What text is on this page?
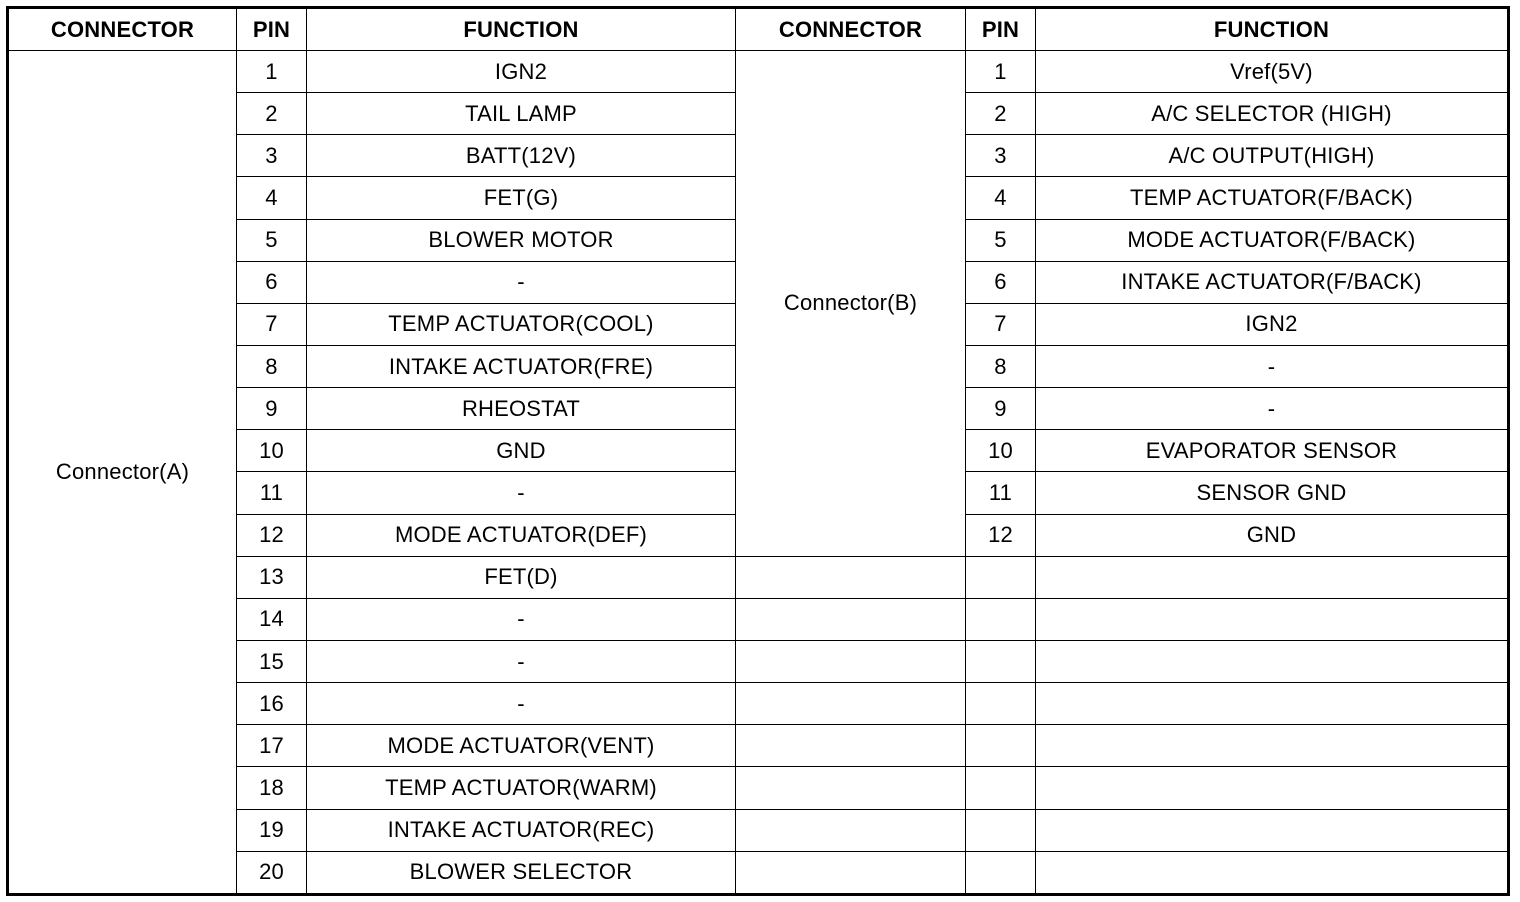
CONNECTOR	PIN	FUNCTION	CONNECTOR	PIN	FUNCTION
Connector(A)	1	IGN2	Connector(B)	1	Vref(5V)
	2	TAIL LAMP		2	A/C SELECTOR (HIGH)
	3	BATT(12V)		3	A/C OUTPUT(HIGH)
	4	FET(G)		4	TEMP ACTUATOR(F/BACK)
	5	BLOWER MOTOR		5	MODE ACTUATOR(F/BACK)
	6	-		6	INTAKE ACTUATOR(F/BACK)
	7	TEMP ACTUATOR(COOL)		7	IGN2
	8	INTAKE ACTUATOR(FRE)		8	-
	9	RHEOSTAT		9	-
	10	GND		10	EVAPORATOR SENSOR
	11	-		11	SENSOR GND
	12	MODE ACTUATOR(DEF)		12	GND
	13	FET(D)			
	14	-			
	15	-			
	16	-			
	17	MODE ACTUATOR(VENT)			
	18	TEMP ACTUATOR(WARM)			
	19	INTAKE ACTUATOR(REC)			
	20	BLOWER SELECTOR			
